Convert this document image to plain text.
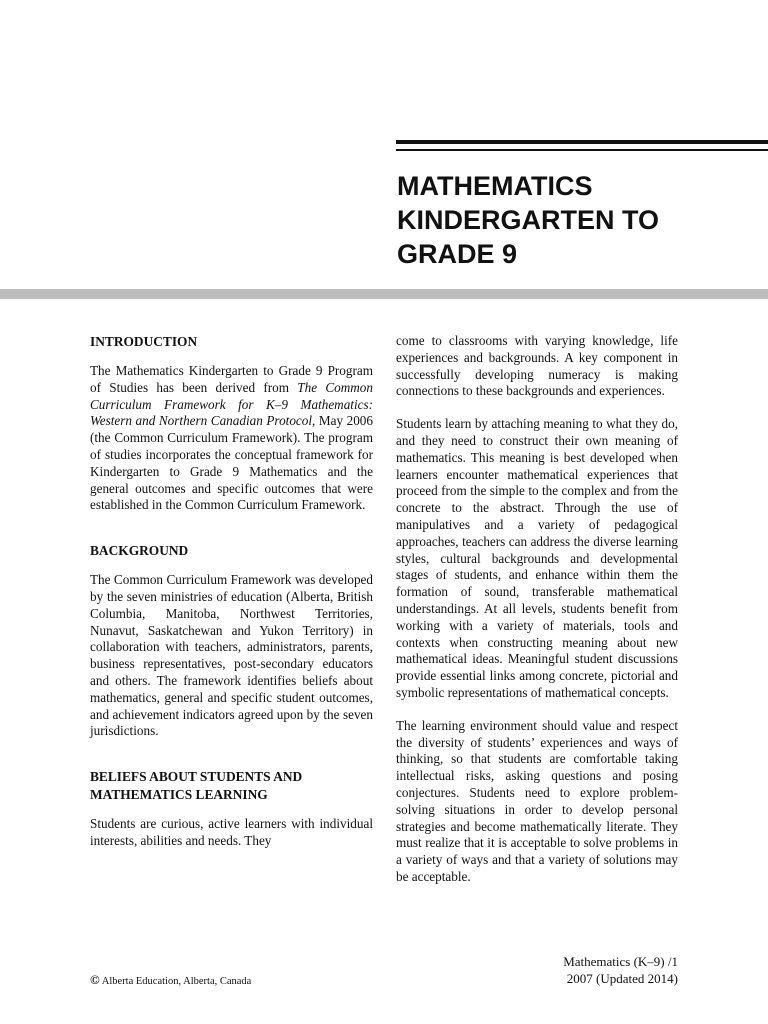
MATHEMATICS
KINDERGARTEN TO
GRADE 9
INTRODUCTION

The Mathematics Kindergarten to Grade 9 Program of Studies has been derived from The Common Curriculum Framework for K–9 Mathematics: Western and Northern Canadian Protocol, May 2006 (the Common Curriculum Framework). The program of studies incorporates the conceptual framework for Kindergarten to Grade 9 Mathematics and the general outcomes and specific outcomes that were established in the Common Curriculum Framework.

BACKGROUND

The Common Curriculum Framework was developed by the seven ministries of education (Alberta, British Columbia, Manitoba, Northwest Territories, Nunavut, Saskatchewan and Yukon Territory) in collaboration with teachers, administrators, parents, business representatives, post-secondary educators and others. The framework identifies beliefs about mathematics, general and specific student outcomes, and achievement indicators agreed upon by the seven jurisdictions.

BELIEFS ABOUT STUDENTS AND MATHEMATICS LEARNING

Students are curious, active learners with individual interests, abilities and needs. They

come to classrooms with varying knowledge, life experiences and backgrounds. A key component in successfully developing numeracy is making connections to these backgrounds and experiences.

Students learn by attaching meaning to what they do, and they need to construct their own meaning of mathematics. This meaning is best developed when learners encounter mathematical experiences that proceed from the simple to the complex and from the concrete to the abstract. Through the use of manipulatives and a variety of pedagogical approaches, teachers can address the diverse learning styles, cultural backgrounds and developmental stages of students, and enhance within them the formation of sound, transferable mathematical understandings. At all levels, students benefit from working with a variety of materials, tools and contexts when constructing meaning about new mathematical ideas. Meaningful student discussions provide essential links among concrete, pictorial and symbolic representations of mathematical concepts.

The learning environment should value and respect the diversity of students’ experiences and ways of thinking, so that students are comfortable taking intellectual risks, asking questions and posing conjectures. Students need to explore problem-solving situations in order to develop personal strategies and become mathematically literate. They must realize that it is acceptable to solve problems in a variety of ways and that a variety of solutions may be acceptable.

© Alberta Education, Alberta, Canada
Mathematics (K–9) /1
2007 (Updated 2014)
